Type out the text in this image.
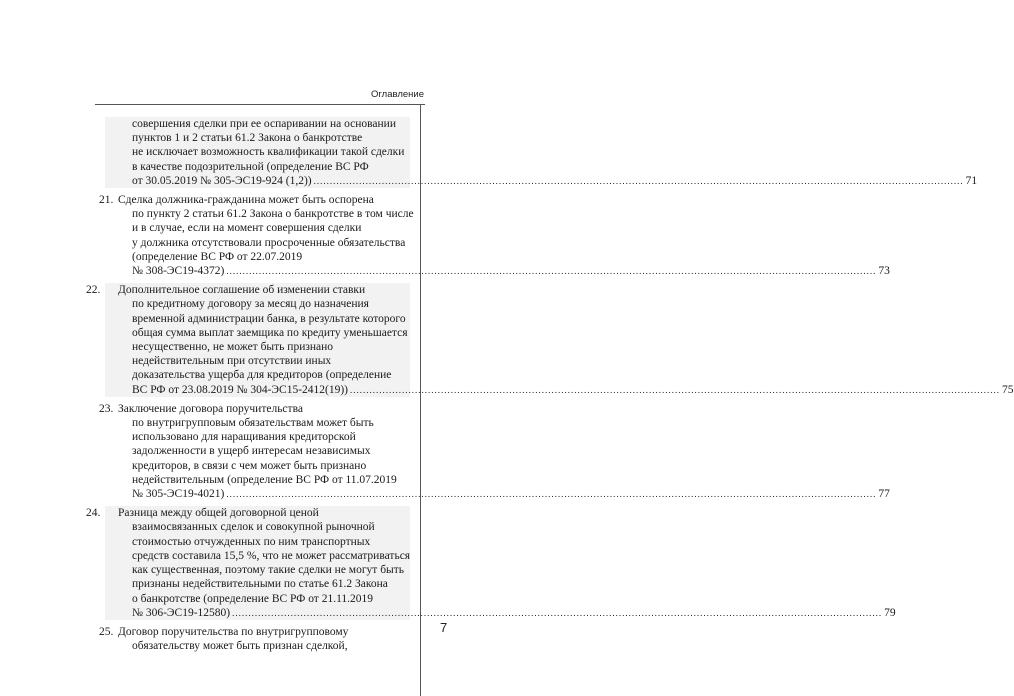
Оглавление
7
совершения сделки при ее оспаривании на основании
пунктов 1 и 2 статьи 61.2 Закона о банкротстве
не исключает возможность квалификации такой сделки
в качестве подозрительной (определение ВС РФ
от 30.05.2019 № 305-ЭС19-924 (1,2)) ........................................................................................................................................................................................................ 71
21. Сделка должника-гражданина может быть оспорена
по пункту 2 статьи 61.2 Закона о банкротстве в том числе
и в случае, если на момент совершения сделки
у должника отсутствовали просроченные обязательства
(определение ВС РФ от 22.07.2019
№ 308-ЭС19-4372) ........................................................................................................................................................................................................ 73
22. Дополнительное соглашение об изменении ставки
по кредитному договору за месяц до назначения
временной администрации банка, в результате которого
общая сумма выплат заемщика по кредиту уменьшается
несущественно, не может быть признано
недействительным при отсутствии иных
доказательства ущерба для кредиторов (определение
ВС РФ от 23.08.2019 № 304-ЭС15-2412(19)) ........................................................................................................................................................................................................ 75
23. Заключение договора поручительства
по внутригрупповым обязательствам может быть
использовано для наращивания кредиторской
задолженности в ущерб интересам независимых
кредиторов, в связи с чем может быть признано
недействительным (определение ВС РФ от 11.07.2019
№ 305-ЭС19-4021) ........................................................................................................................................................................................................ 77
24. Разница между общей договорной ценой
взаимосвязанных сделок и совокупной рыночной
стоимостью отчужденных по ним транспортных
средств составила 15,5 %, что не может рассматриваться
как существенная, поэтому такие сделки не могут быть
признаны недействительными по статье 61.2 Закона
о банкротстве (определение ВС РФ от 21.11.2019
№ 306-ЭС19-12580) ........................................................................................................................................................................................................ 79
25. Договор поручительства по внутригрупповому
обязательству может быть признан сделкой,
